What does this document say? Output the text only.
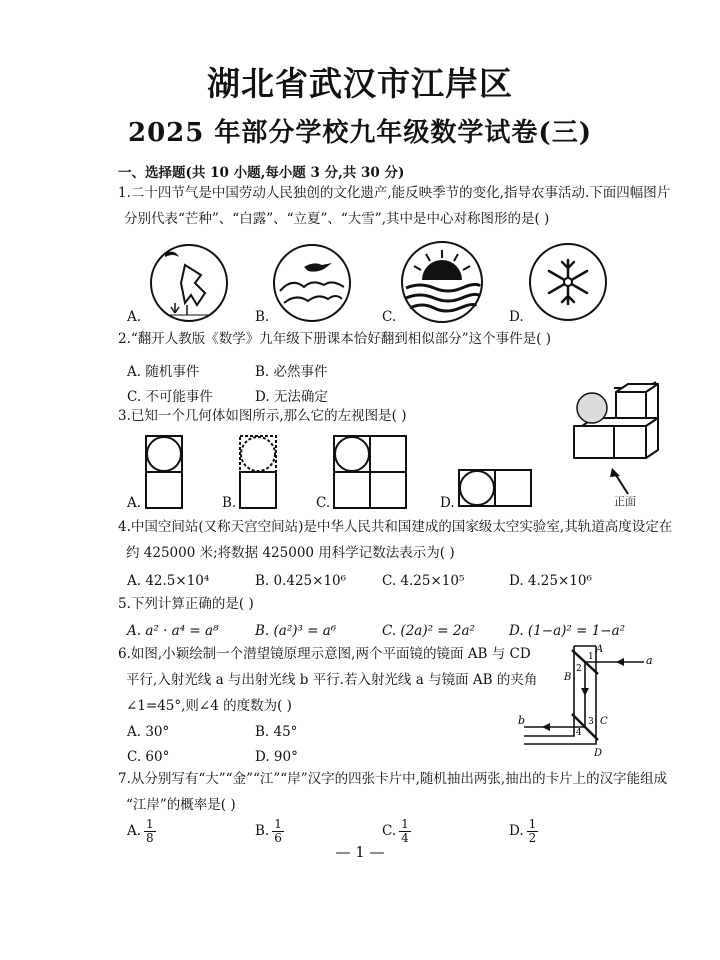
湖北省武汉市江岸区
2025 年部分学校九年级数学试卷(三)
一、选择题(共 10 小题,每小题 3 分,共 30 分)
1.二十四节气是中国劳动人民独创的文化遗产,能反映季节的变化,指导农事活动.下面四幅图片
分别代表“芒种”、“白露”、“立夏”、“大雪”,其中是中心对称图形的是( )
A.	B.	C.	D.
2.“翻开人教版《数学》九年级下册课本恰好翻到相似部分”这个事件是( )
A. 随机事件	B. 必然事件
C. 不可能事件	D. 无法确定
3.已知一个几何体如图所示,那么它的左视图是( )
A.	B.	C.	D.	正面
4.中国空间站(又称天宫空间站)是中华人民共和国建成的国家级太空实验室,其轨道高度设定在
约 425000 米;将数据 425000 用科学记数法表示为( )
A. 42.5×10⁴	B. 0.425×10⁶	C. 4.25×10⁵	D. 4.25×10⁶
5.下列计算正确的是( )
A. a² · a⁴ = a⁸	B. (a²)³ = a⁶	C. (2a)² = 2a²	D. (1−a)² = 1−a²
6.如图,小颖绘制一个潜望镜原理示意图,两个平面镜的镜面 AB 与 CD
平行,入射光线 a 与出射光线 b 平行.若入射光线 a 与镜面 AB 的夹角
∠1=45°,则∠4 的度数为( )
A. 30°	B. 45°
C. 60°	D. 90°
A
B
C
D
a
b
1
2
3
4
7.从分别写有“大”“金”“江”“岸”汉字的四张卡片中,随机抽出两张,抽出的卡片上的汉字能组成
“江岸”的概率是( )
A. $\frac{1}{8}$	B. $\frac{1}{6}$	C. $\frac{1}{4}$	D. $\frac{1}{2}$
— 1 —
